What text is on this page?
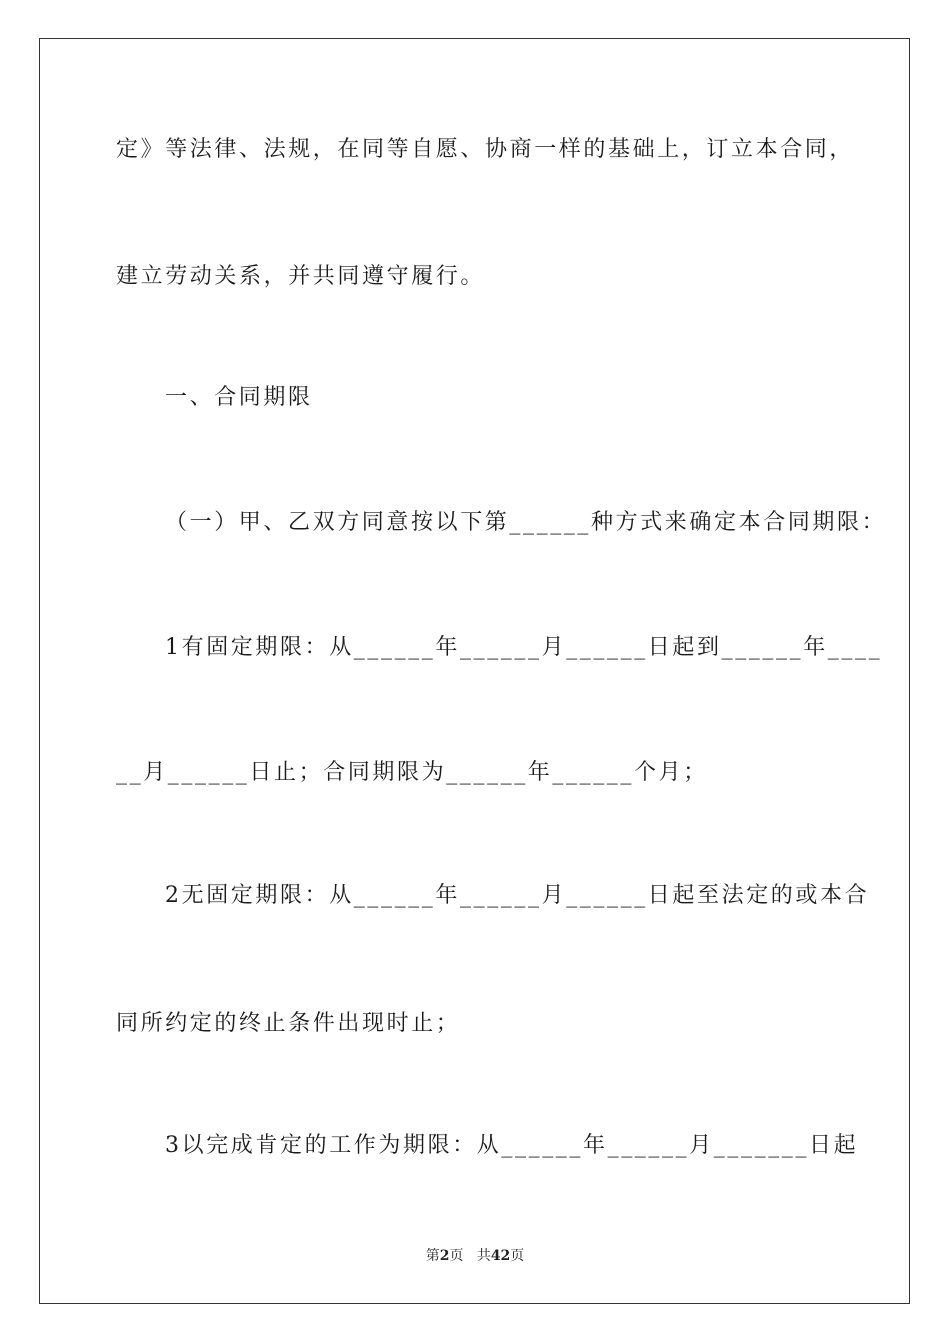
定》等法律、法规，在同等自愿、协商一样的基础上，订立本合同，
建立劳动关系，并共同遵守履行。
一、合同期限
（一）甲、乙双方同意按以下第______种方式来确定本合同期限：
1有固定期限：从______年______月______日起到______年____
__月______日止；合同期限为______年______个月；
2无固定期限：从______年______月______日起至法定的或本合
同所约定的终止条件出现时止；
3以完成肯定的工作为期限：从______年______月_______日起
第2页 共42页
